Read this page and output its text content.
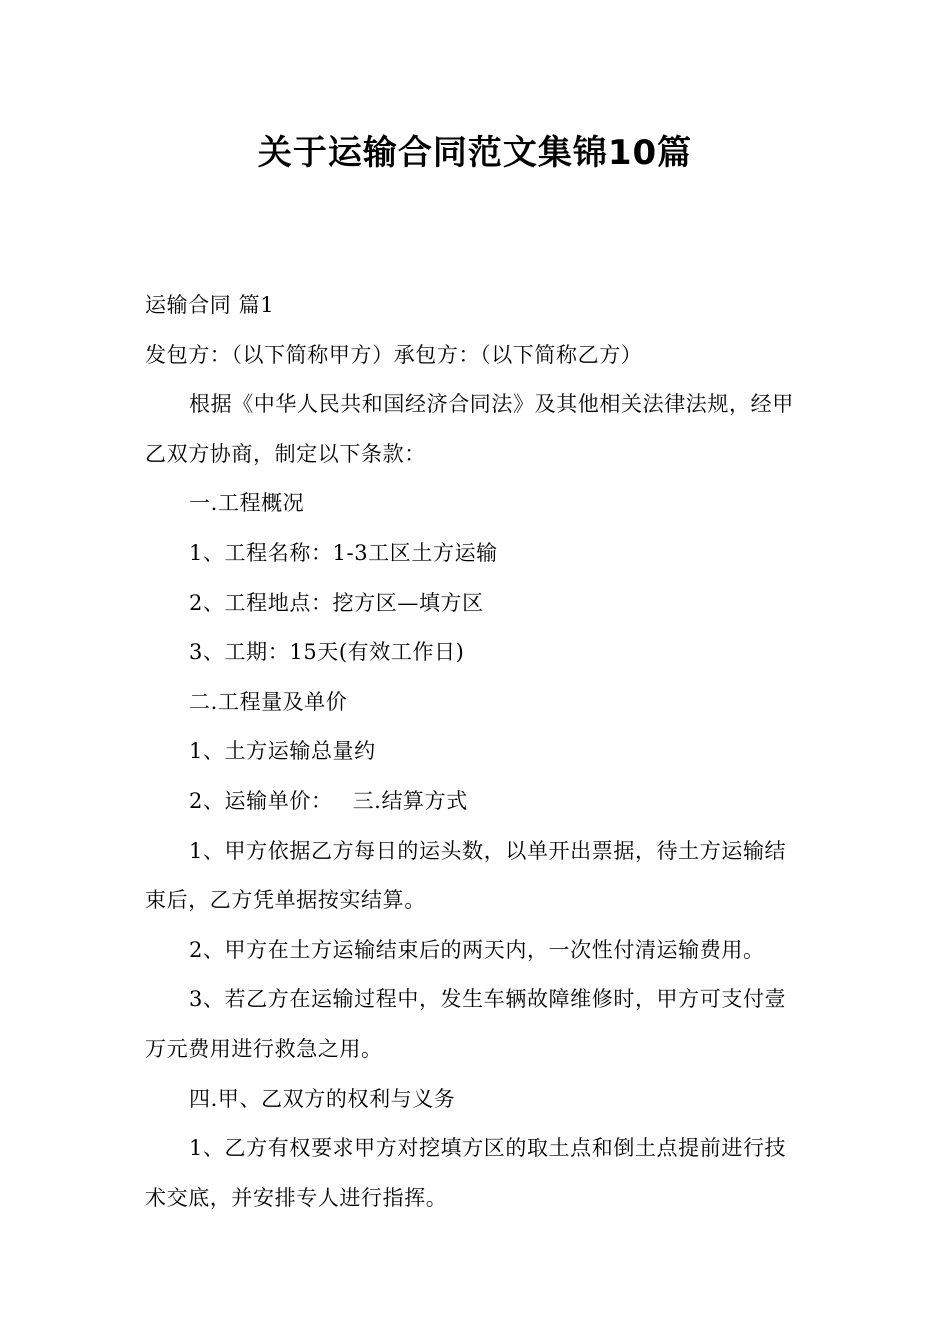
关于运输合同范文集锦10篇

运输合同 篇1发包方：（以下简称甲方）承包方：（以下简称乙方）

根据《中华人民共和国经济合同法》及其他相关法律法规，经甲乙双方协商，制定以下条款：

一.工程概况

1、工程名称：1-3工区土方运输

2、工程地点：挖方区—填方区

3、工期：15天(有效工作日)

二.工程量及单价

1、土方运输总量约

2、运输单价： 三.结算方式

1、甲方依据乙方每日的运头数，以单开出票据，待土方运输结束后，乙方凭单据按实结算。

2、甲方在土方运输结束后的两天内，一次性付清运输费用。

3、若乙方在运输过程中，发生车辆故障维修时，甲方可支付壹万元费用进行救急之用。

四.甲、乙双方的权利与义务

1、乙方有权要求甲方对挖填方区的取土点和倒土点提前进行技术交底，并安排专人进行指挥。
